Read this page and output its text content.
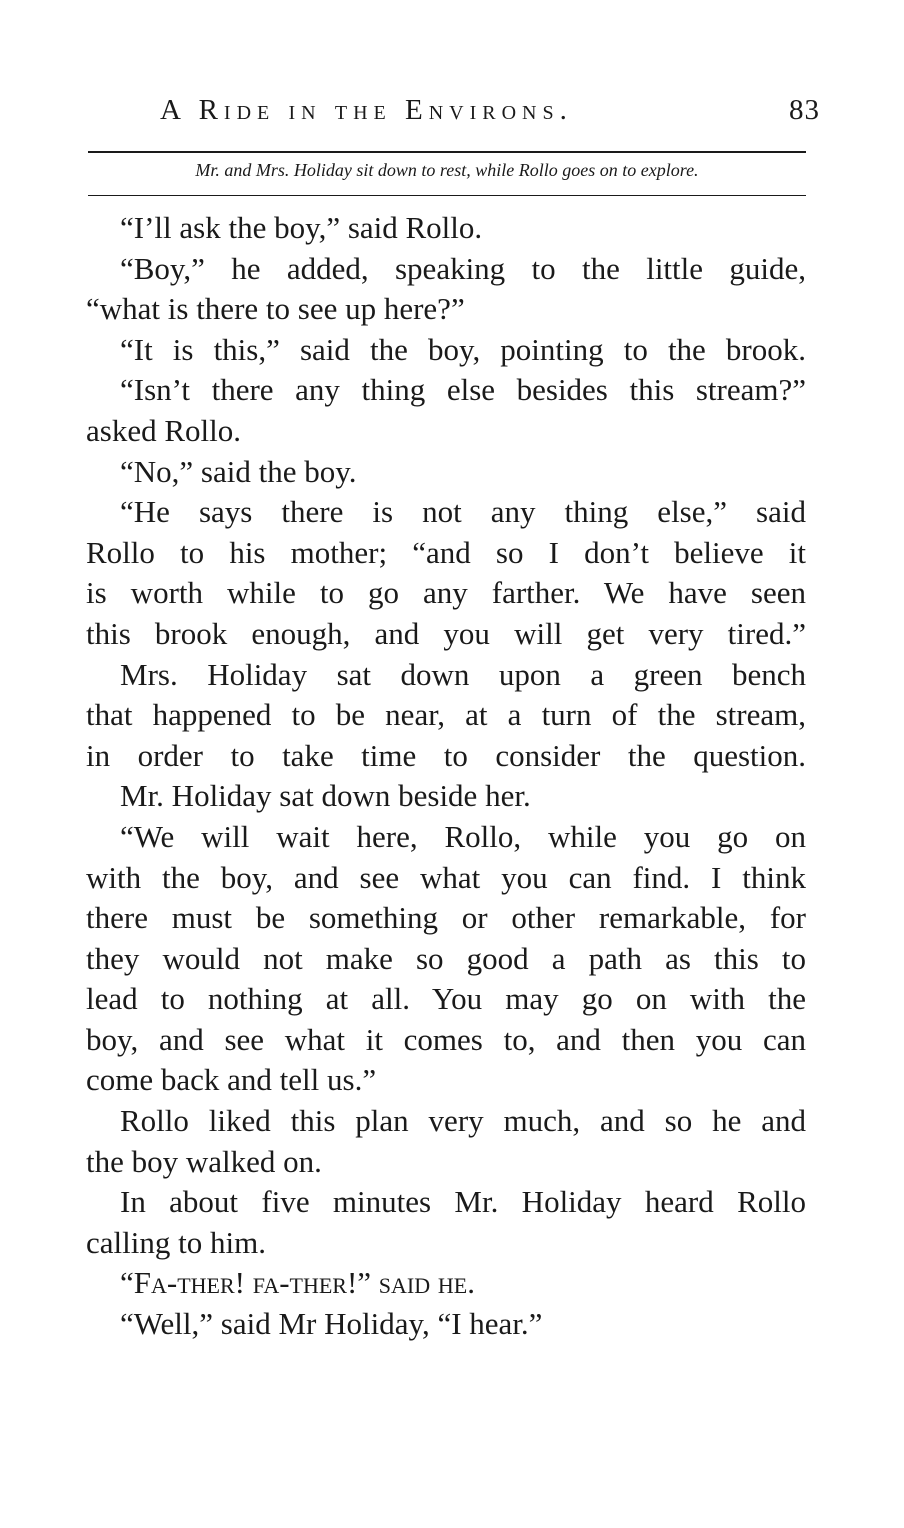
A Ride in the Environs.	83
Mr. and Mrs. Holiday sit down to rest, while Rollo goes on to explore.
“I’ll ask the boy,” said Rollo.
“Boy,” he added, speaking to the little guide,
“what is there to see up here?”
“It is this,” said the boy, pointing to the brook.
“Isn’t there any thing else besides this stream?”
asked Rollo.
“No,” said the boy.
“He says there is not any thing else,” said
Rollo to his mother; “and so I don’t believe it
is worth while to go any farther. We have seen
this brook enough, and you will get very tired.”
Mrs. Holiday sat down upon a green bench
that happened to be near, at a turn of the stream,
in order to take time to consider the question.
Mr. Holiday sat down beside her.
“We will wait here, Rollo, while you go on
with the boy, and see what you can find. I think
there must be something or other remarkable, for
they would not make so good a path as this to
lead to nothing at all. You may go on with the
boy, and see what it comes to, and then you can
come back and tell us.”
Rollo liked this plan very much, and so he and
the boy walked on.
In about five minutes Mr. Holiday heard Rollo
calling to him.
“Fa-ther! fa-ther!” said he.
“Well,” said Mr Holiday, “I hear.”
